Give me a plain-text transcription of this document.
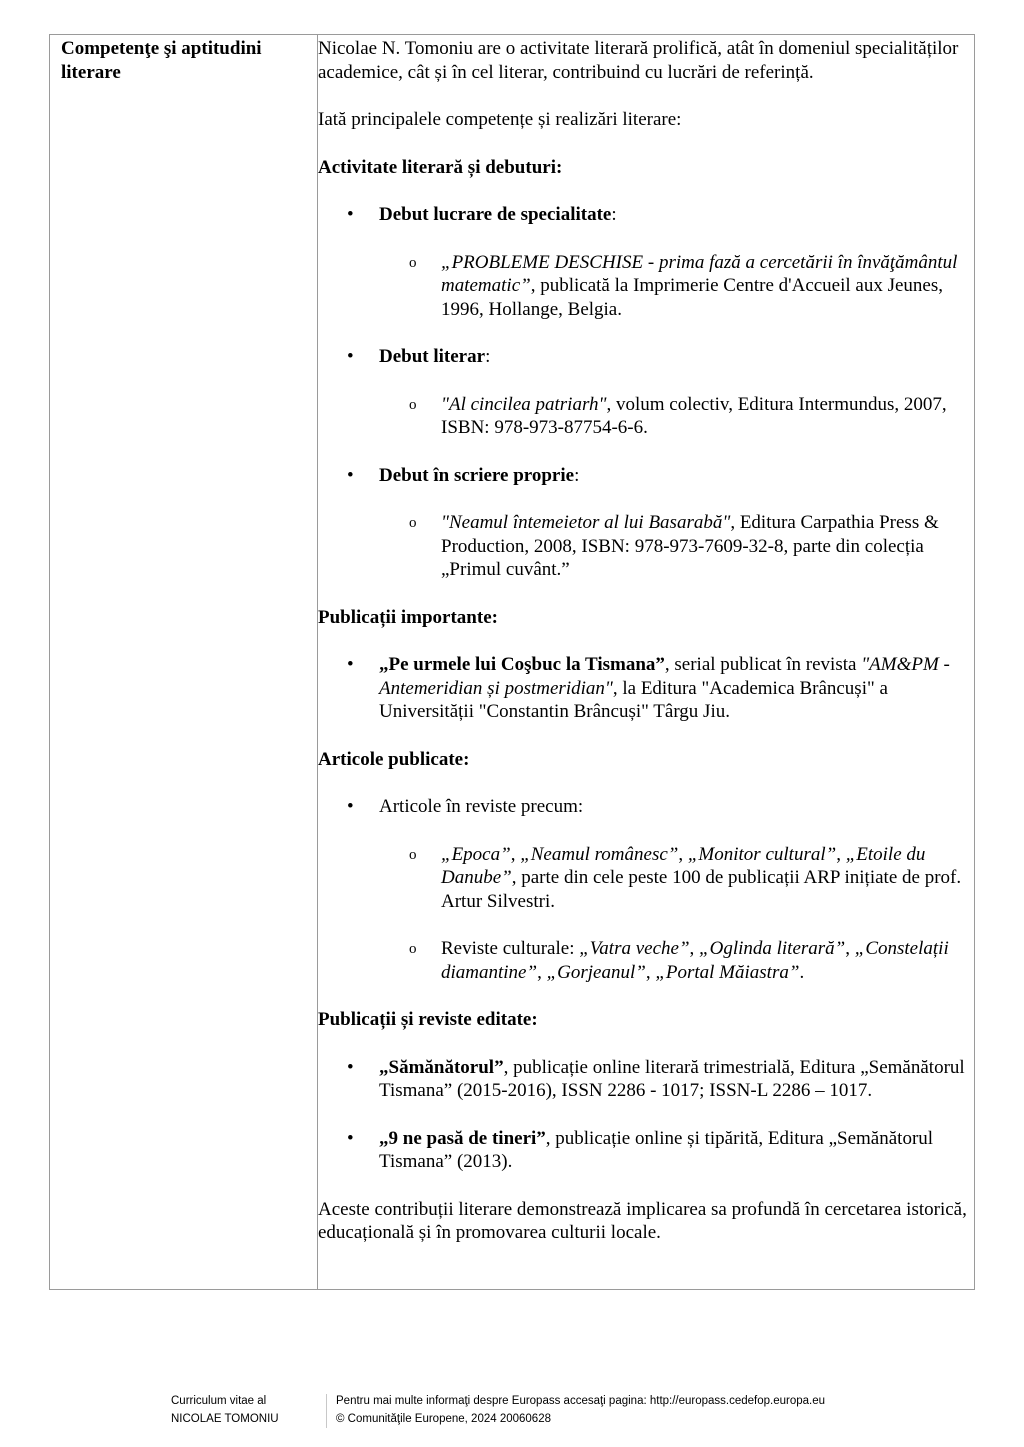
Competenţe şi aptitudini literare

Nicolae N. Tomoniu are o activitate literară prolifică, atât în domeniul specialităților academice, cât și în cel literar, contribuind cu lucrări de referință.

Iată principalele competențe și realizări literare:

Activitate literară și debuturi:

• Debut lucrare de specialitate:
o „PROBLEME DESCHISE - prima fază a cercetării în învăţământul matematic”, publicată la Imprimerie Centre d'Accueil aux Jeunes, 1996, Hollange, Belgia.
• Debut literar:
o "Al cincilea patriarh", volum colectiv, Editura Intermundus, 2007, ISBN: 978-973-87754-6-6.
• Debut în scriere proprie:
o "Neamul întemeietor al lui Basarabă", Editura Carpathia Press & Production, 2008, ISBN: 978-973-7609-32-8, parte din colecția „Primul cuvânt.”

Publicații importante:

• „Pe urmele lui Coşbuc la Tismana”, serial publicat în revista "AM&PM - Antemeridian și postmeridian", la Editura "Academica Brâncuși" a Universității "Constantin Brâncuși" Târgu Jiu.

Articole publicate:

• Articole în reviste precum:
o „Epoca”, „Neamul românesc”, „Monitor cultural”, „Etoile du Danube”, parte din cele peste 100 de publicații ARP inițiate de prof. Artur Silvestri.
o Reviste culturale: „Vatra veche”, „Oglinda literară”, „Constelații diamantine”, „Gorjeanul”, „Portal Măiastra”.

Publicații și reviste editate:

• „Sămănătorul”, publicație online literară trimestrială, Editura „Semănătorul Tismana” (2015-2016), ISSN 2286 - 1017; ISSN-L 2286 – 1017.
• „9 ne pasă de tineri”, publicație online și tipărită, Editura „Semănătorul Tismana” (2013).

Aceste contribuții literare demonstrează implicarea sa profundă în cercetarea istorică, educațională și în promovarea culturii locale.

Curriculum vitae al
NICOLAE TOMONIU
Pentru mai multe informaţi despre Europass accesaţi pagina: http://europass.cedefop.europa.eu
© Comunităţile Europene, 2024 20060628
